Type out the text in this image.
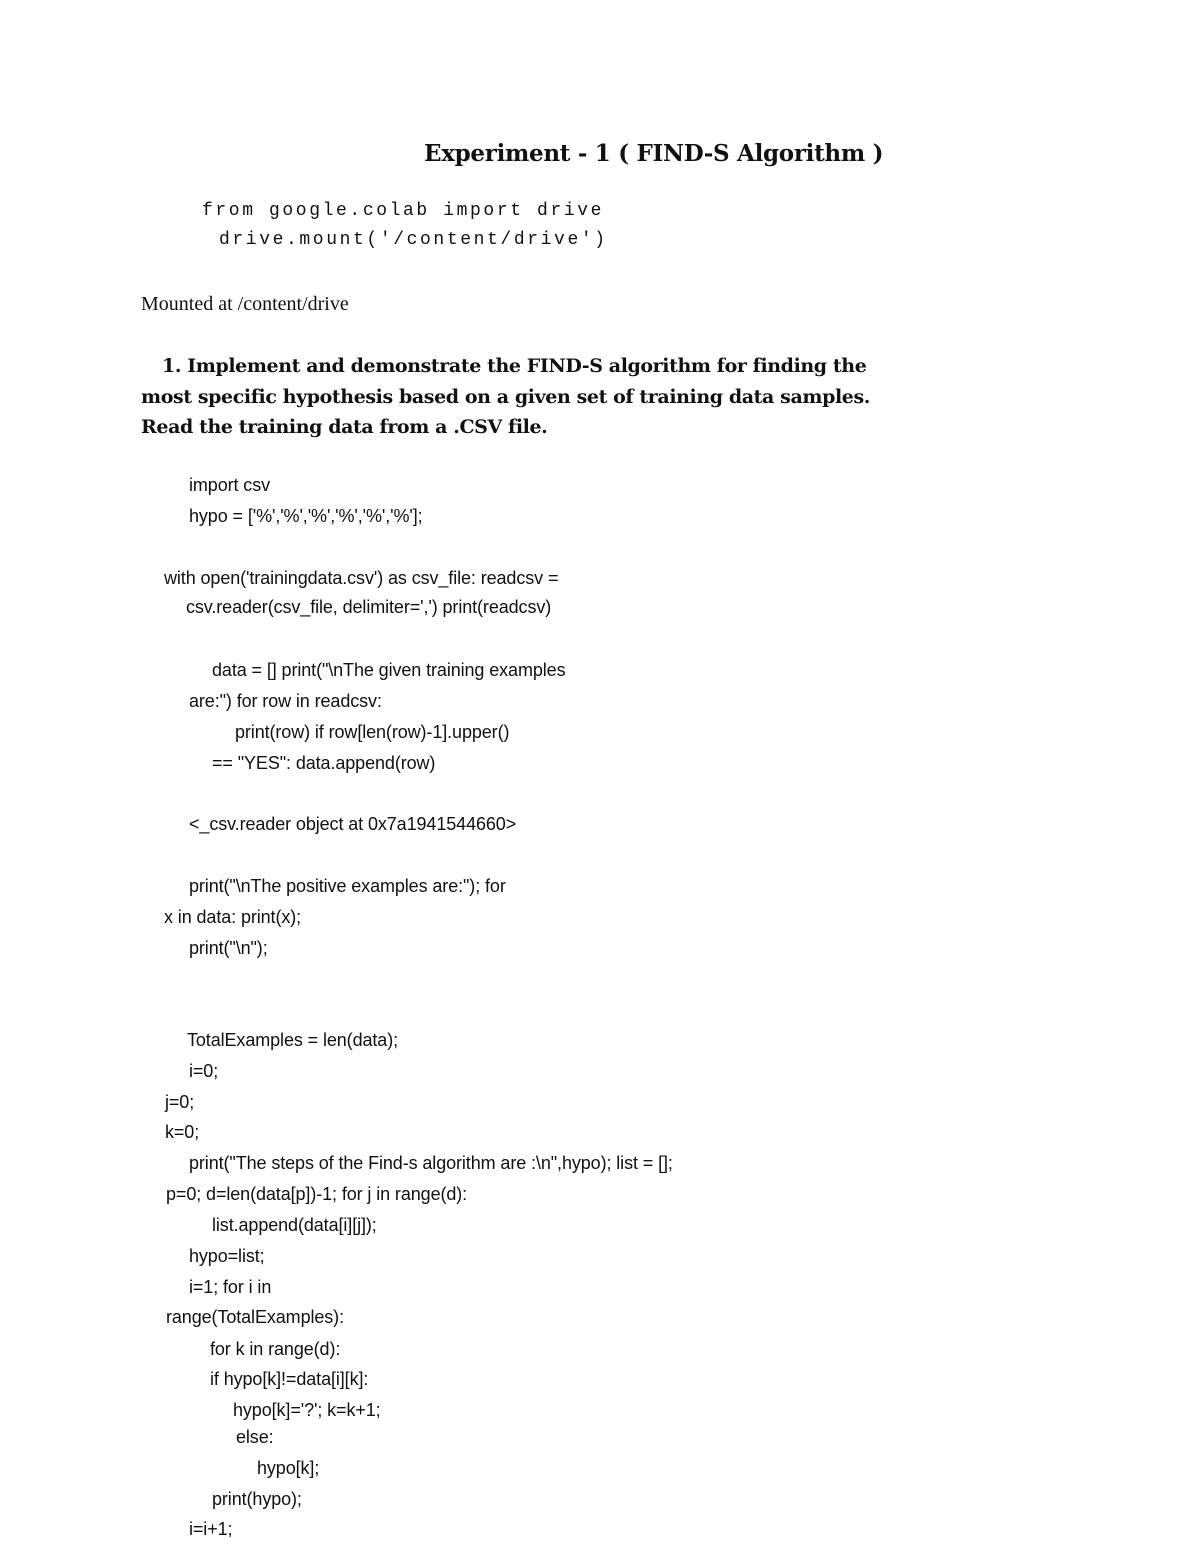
Experiment - 1 ( FIND-S Algorithm )
from google.colab import drive
drive.mount('/content/drive')
Mounted at /content/drive
1. Implement and demonstrate the FIND-S algorithm for finding the
most specific hypothesis based on a given set of training data samples.
Read the training data from a .CSV file.
import csv
hypo = ['%','%','%','%','%','%'];
with open('trainingdata.csv') as csv_file: readcsv =
csv.reader(csv_file, delimiter=',') print(readcsv)
data = [] print("\nThe given training examples
are:") for row in readcsv:
print(row) if row[len(row)-1].upper()
== "YES": data.append(row)
<_csv.reader object at 0x7a1941544660>
print("\nThe positive examples are:"); for
x in data: print(x);
print("\n");
TotalExamples = len(data);
i=0;
j=0;
k=0;
print("The steps of the Find-s algorithm are :\n",hypo); list = [];
p=0; d=len(data[p])-1; for j in range(d):
list.append(data[i][j]);
hypo=list;
i=1; for i in
range(TotalExamples):
for k in range(d):
if hypo[k]!=data[i][k]:
hypo[k]='?'; k=k+1;
else:
hypo[k];
print(hypo);
i=i+1;
